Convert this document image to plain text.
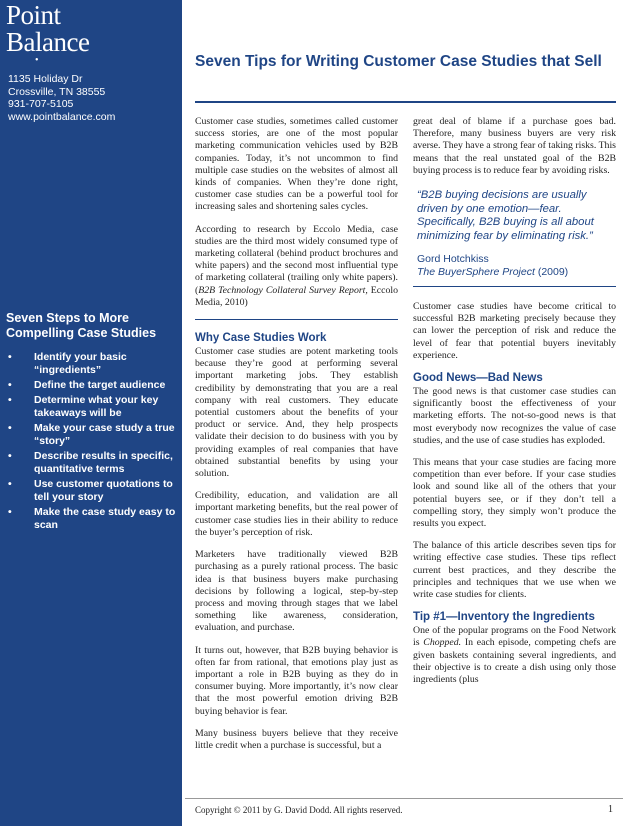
Point
Balance
•
1135 Holiday Dr
Crossville, TN 38555
931-707-5105
www.pointbalance.com
Seven Steps to More Compelling Case Studies
• Identify your basic “ingredients”
• Define the target audience
• Determine what your key takeaways will be
• Make your case study a true “story”
• Describe results in specific, quantitative terms
• Use customer quotations to tell your story
• Make the case study easy to scan
Seven Tips for Writing Customer Case Studies that Sell

Customer case studies, sometimes called customer success stories, are one of the most popular marketing communication vehicles used by B2B companies. Today, it’s not uncommon to find multiple case studies on the websites of almost all kinds of companies. When they’re done right, customer case studies can be a powerful tool for increasing sales and shortening sales cycles.

According to research by Eccolo Media, case studies are the third most widely consumed type of marketing collateral (behind product brochures and white papers) and the second most influential type of marketing collateral (trailing only white papers). (B2B Technology Collateral Survey Report, Eccolo Media, 2010)

Why Case Studies Work

Customer case studies are potent marketing tools because they’re good at performing several important marketing jobs. They establish credibility by demonstrating that you are a real company with real customers. They educate potential customers about the benefits of your product or service. And, they help prospects validate their decision to do business with you by providing examples of real companies that have obtained substantial benefits by using your solution.

Credibility, education, and validation are all important marketing benefits, but the real power of customer case studies lies in their ability to reduce the buyer’s perception of risk.

Marketers have traditionally viewed B2B purchasing as a purely rational process. The basic idea is that business buyers make purchasing decisions by following a logical, step-by-step process and moving through stages that we label something like awareness, consideration, evaluation, and purchase.

It turns out, however, that B2B buying behavior is often far from rational, that emotions play just as important a role in B2B buying as they do in consumer buying. More importantly, it’s now clear that the most powerful emotion driving B2B buying behavior is fear.

Many business buyers believe that they receive little credit when a purchase is successful, but a

great deal of blame if a purchase goes bad. Therefore, many business buyers are very risk averse. They have a strong fear of taking risks. This means that the real unstated goal of the B2B buying process is to reduce fear by avoiding risks.

“B2B buying decisions are usually driven by one emotion—fear. Specifically, B2B buying is all about minimizing fear by eliminating risk.”
Gord Hotchkiss
The BuyerSphere Project (2009)

Customer case studies have become critical to successful B2B marketing precisely because they can lower the perception of risk and reduce the level of fear that potential buyers inevitably experience.

Good News—Bad News

The good news is that customer case studies can significantly boost the effectiveness of your marketing efforts. The not-so-good news is that most everybody now recognizes the value of case studies, and the use of case studies has exploded.

This means that your case studies are facing more competition than ever before. If your case studies look and sound like all of the others that your potential buyers see, or if they don’t tell a compelling story, they simply won’t produce the results you expect.

The balance of this article describes seven tips for writing effective case studies. These tips reflect current best practices, and they describe the principles and techniques that we use when we write case studies for clients.

Tip #1—Inventory the Ingredients

One of the popular programs on the Food Network is Chopped. In each episode, competing chefs are given baskets containing several ingredients, and their objective is to create a dish using only those ingredients (plus

Copyright © 2011 by G. David Dodd. All rights reserved.	1
